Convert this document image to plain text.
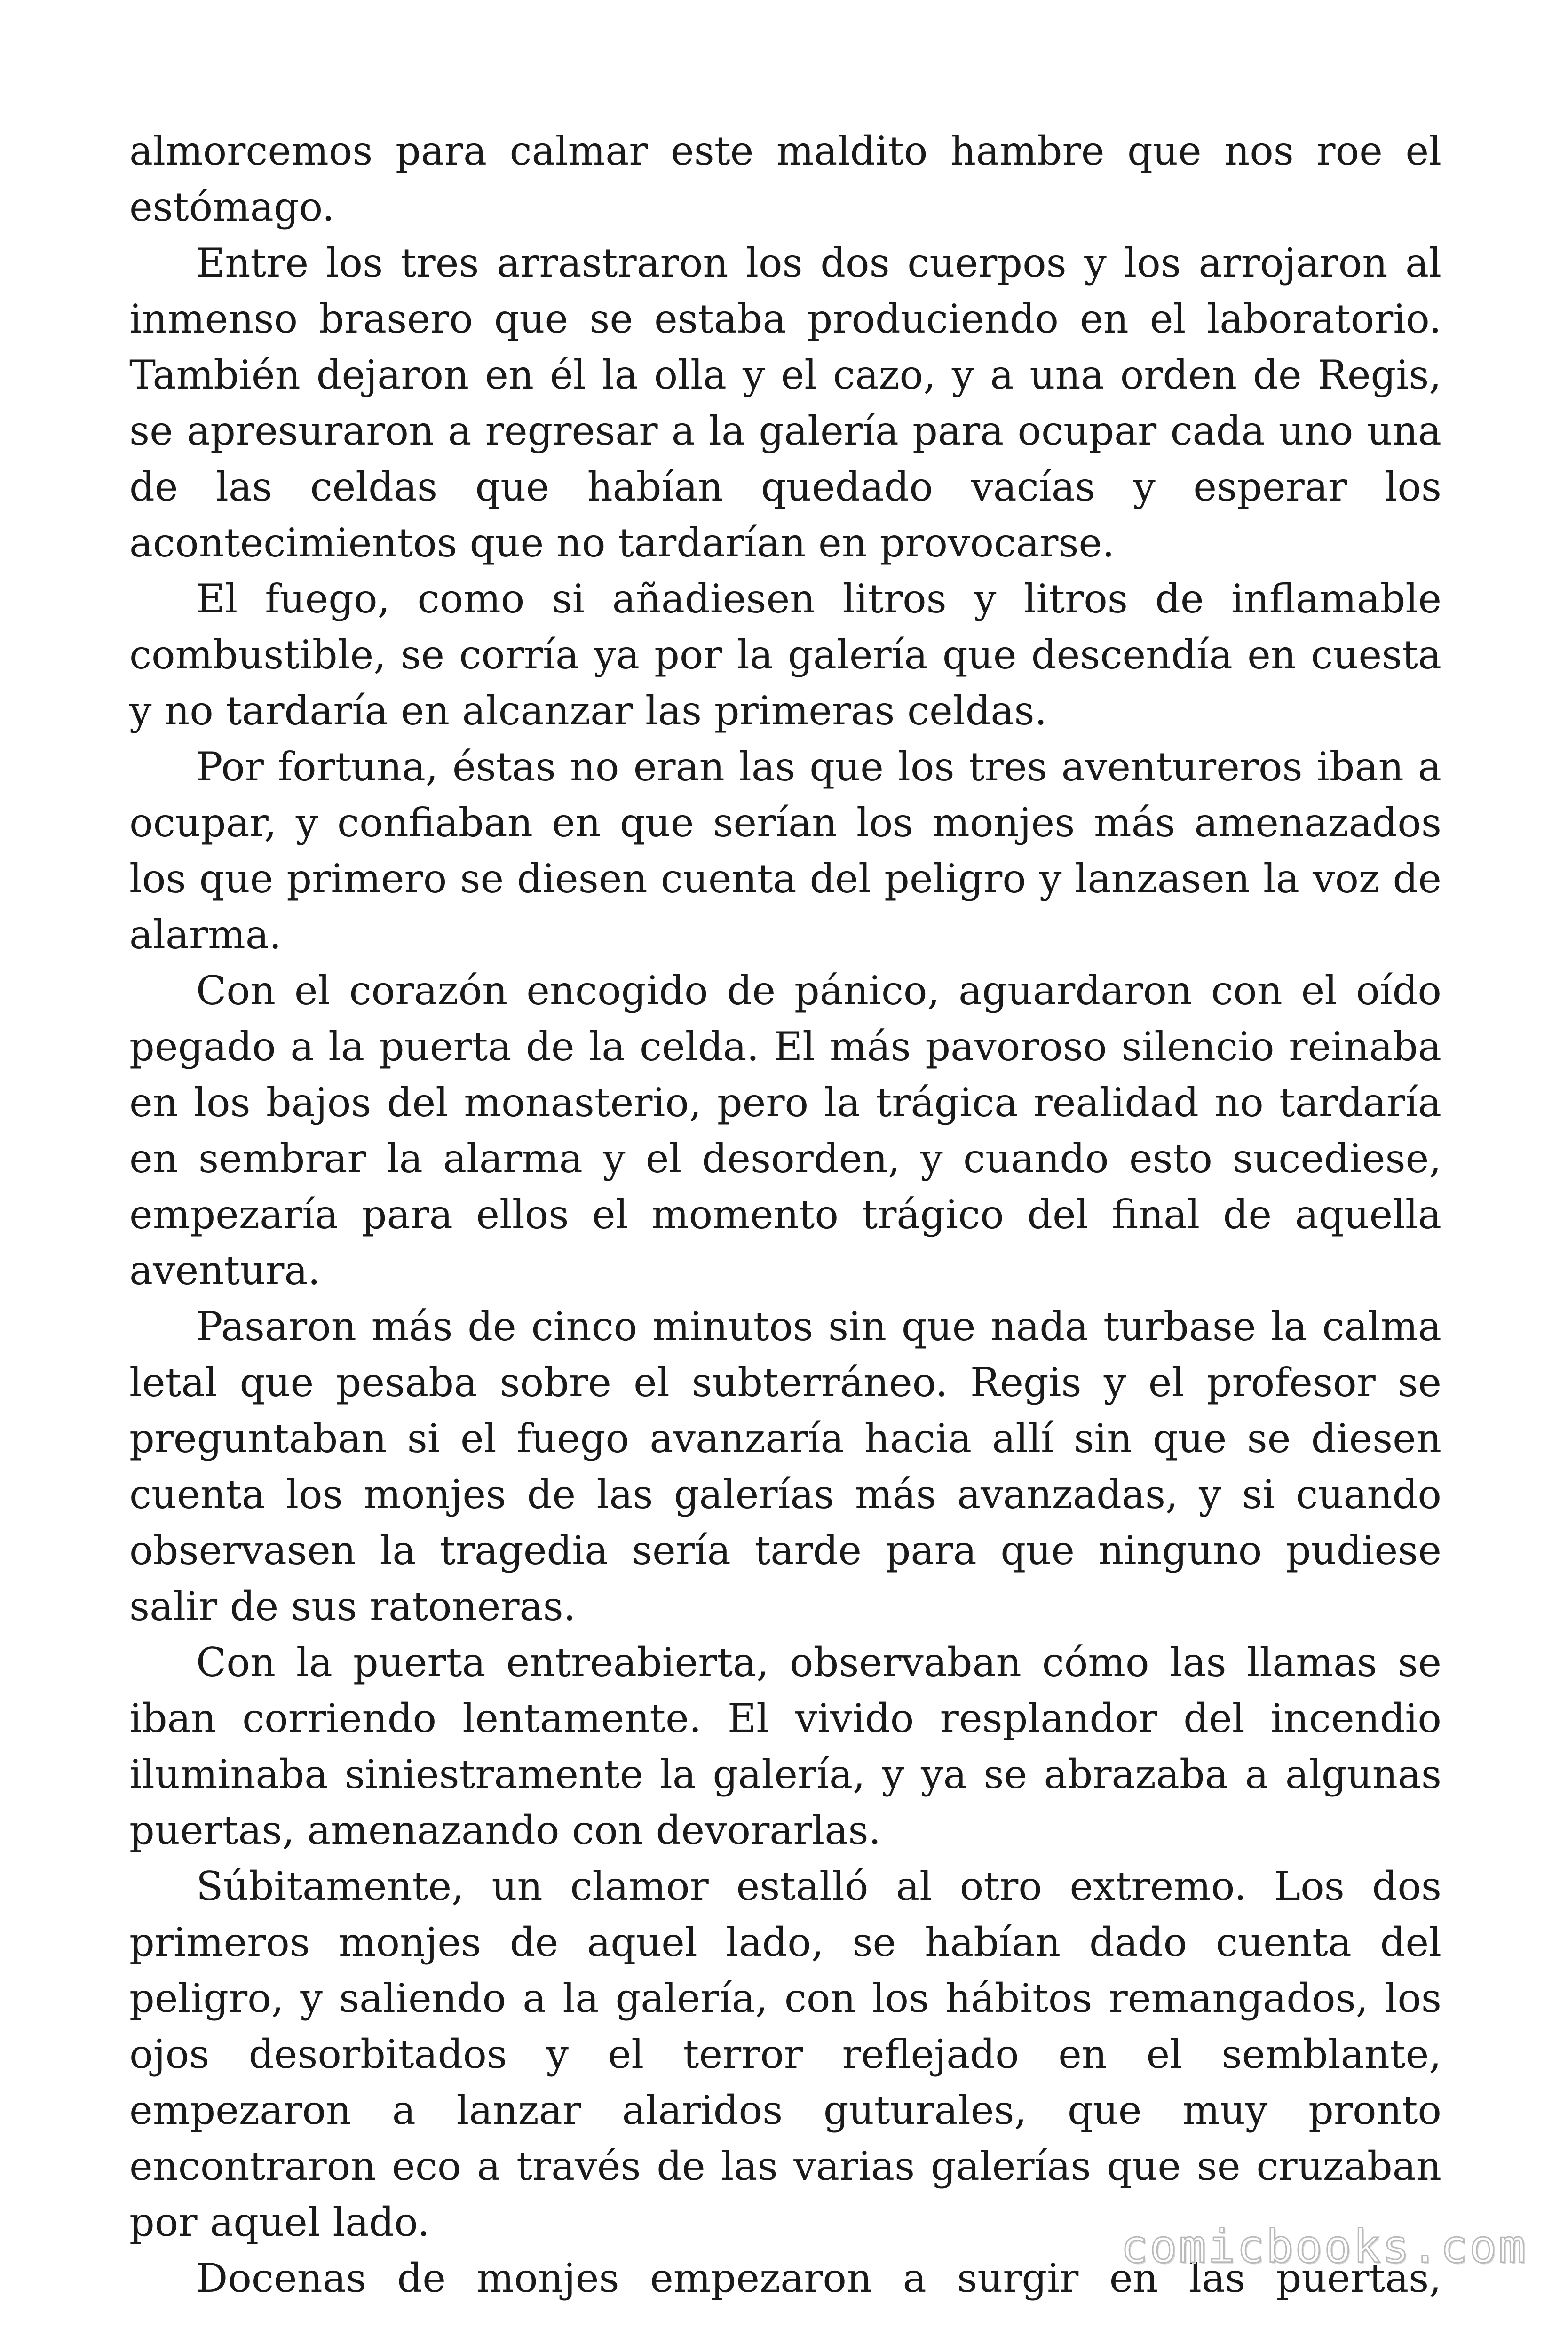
almorcemos para calmar este maldito hambre que nos roe el estómago.

Entre los tres arrastraron los dos cuerpos y los arrojaron al inmenso brasero que se estaba produciendo en el laboratorio. También dejaron en él la olla y el cazo, y a una orden de Regis, se apresuraron a regresar a la galería para ocupar cada uno una de las celdas que habían quedado vacías y esperar los acontecimientos que no tardarían en provocarse.

El fuego, como si añadiesen litros y litros de inflamable combustible, se corría ya por la galería que descendía en cuesta y no tardaría en alcanzar las primeras celdas.

Por fortuna, éstas no eran las que los tres aventureros iban a ocupar, y confiaban en que serían los monjes más amenazados los que primero se diesen cuenta del peligro y lanzasen la voz de alarma.

Con el corazón encogido de pánico, aguardaron con el oído pegado a la puerta de la celda. El más pavoroso silencio reinaba en los bajos del monasterio, pero la trágica realidad no tardaría en sembrar la alarma y el desorden, y cuando esto sucediese, empezaría para ellos el momento trágico del final de aquella aventura.

Pasaron más de cinco minutos sin que nada turbase la calma letal que pesaba sobre el subterráneo. Regis y el profesor se preguntaban si el fuego avanzaría hacia allí sin que se diesen cuenta los monjes de las galerías más avanzadas, y si cuando observasen la tragedia sería tarde para que ninguno pudiese salir de sus ratoneras.

Con la puerta entreabierta, observaban cómo las llamas se iban corriendo lentamente. El vivido resplandor del incendio iluminaba siniestramente la galería, y ya se abrazaba a algunas puertas, amenazando con devorarlas.

Súbitamente, un clamor estalló al otro extremo. Los dos primeros monjes de aquel lado, se habían dado cuenta del peligro, y saliendo a la galería, con los hábitos remangados, los ojos desorbitados y el terror reflejado en el semblante, empezaron a lanzar alaridos guturales, que muy pronto encontraron eco a través de las varias galerías que se cruzaban por aquel lado.

Docenas de monjes empezaron a surgir en las puertas,

comicbooks.com
